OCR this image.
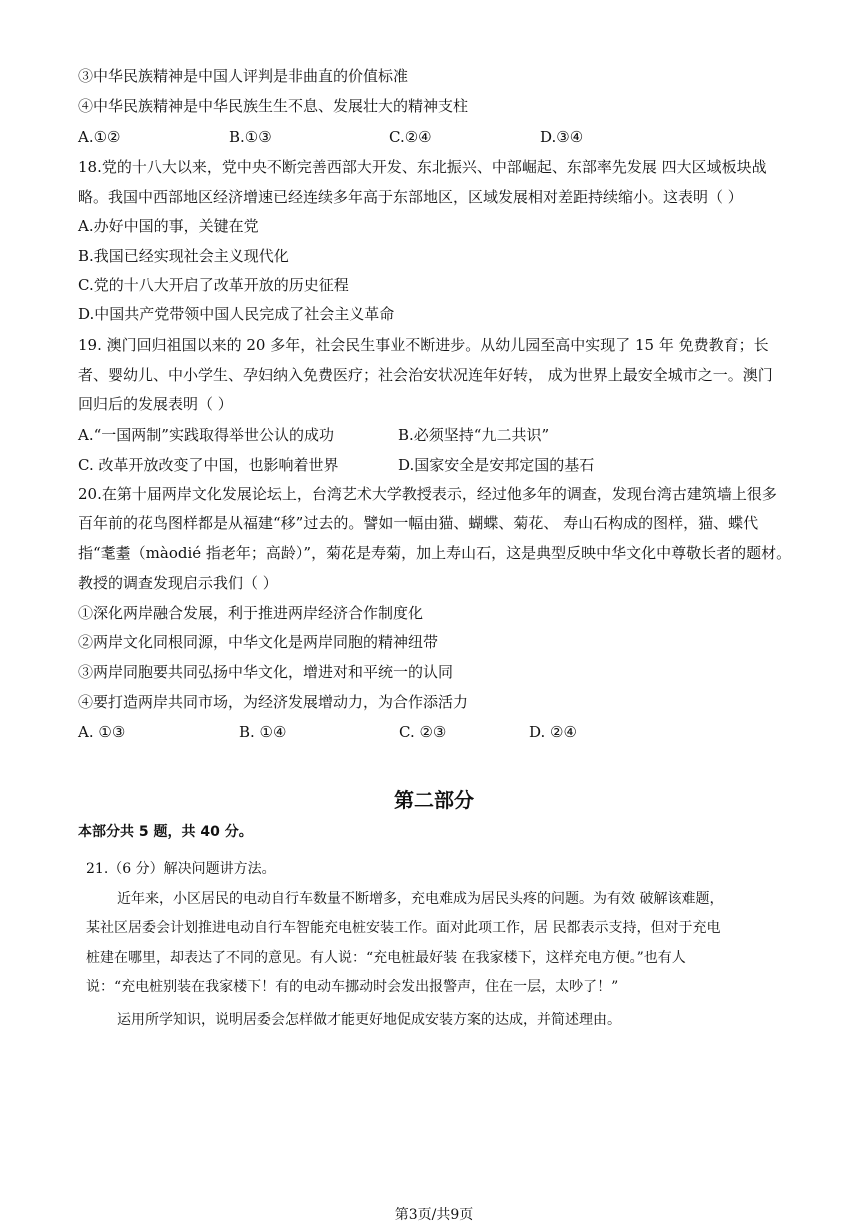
③中华民族精神是中国人评判是非曲直的价值标准
④中华民族精神是中华民族生生不息、发展壮大的精神支柱
A.①②	B.①③	C.②④	D.③④
18.党的十八大以来，党中央不断完善西部大开发、东北振兴、中部崛起、东部率先发展 四大区域板块战
略。我国中西部地区经济增速已经连续多年高于东部地区，区域发展相对差距持续缩小。这表明（ ）
A.办好中国的事，关键在党
B.我国已经实现社会主义现代化
C.党的十八大开启了改革开放的历史征程
D.中国共产党带领中国人民完成了社会主义革命
19. 澳门回归祖国以来的 20 多年，社会民生事业不断进步。从幼儿园至高中实现了 15 年 免费教育；长
者、婴幼儿、中小学生、孕妇纳入免费医疗；社会治安状况连年好转， 成为世界上最安全城市之一。澳门
回归后的发展表明（ ）
A.“一国两制”实践取得举世公认的成功	B.必须坚持“九二共识”
C. 改革开放改变了中国，也影响着世界	D.国家安全是安邦定国的基石
20.在第十届两岸文化发展论坛上，台湾艺术大学教授表示，经过他多年的调查，发现台湾古建筑墙上很多
百年前的花鸟图样都是从福建“移”过去的。譬如一幅由猫、蝴蝶、菊花、 寿山石构成的图样，猫、蝶代
指“耄耋（màodié 指老年；高龄）”，菊花是寿菊，加上寿山石，这是典型反映中华文化中尊敬长者的题材。
教授的调查发现启示我们（ ）
①深化两岸融合发展，利于推进两岸经济合作制度化
②两岸文化同根同源，中华文化是两岸同胞的精神纽带
③两岸同胞要共同弘扬中华文化，增进对和平统一的认同
④要打造两岸共同市场，为经济发展增动力，为合作添活力
A. ①③	B. ①④	C. ②③	D. ②④
第二部分
本部分共 5 题，共 40 分。
21.（6 分）解决问题讲方法。
近年来，小区居民的电动自行车数量不断增多，充电难成为居民头疼的问题。为有效 破解该难题，
某社区居委会计划推进电动自行车智能充电桩安装工作。面对此项工作，居 民都表示支持，但对于充电
桩建在哪里，却表达了不同的意见。有人说：“充电桩最好装 在我家楼下，这样充电方便。”也有人
说：“充电桩别装在我家楼下！有的电动车挪动时会发出报警声，住在一层，太吵了！”
运用所学知识，说明居委会怎样做才能更好地促成安装方案的达成，并简述理由。
第3页/共9页
